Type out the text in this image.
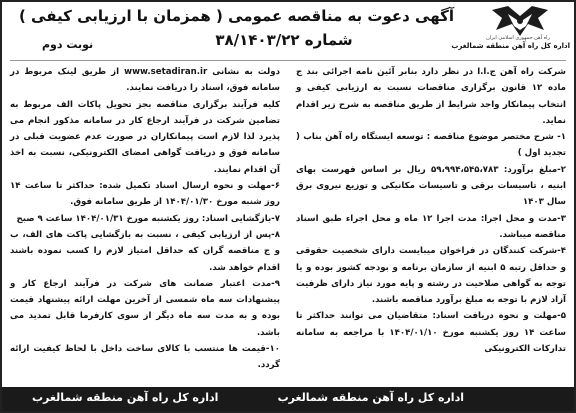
راه آهن جمهوری اسلامی ایران
اداره کل راه آهن منطقه شمالغرب
آگهی دعوت به مناقصه عمومی ( همزمان با ارزیابی کیفی )
شماره ۳۸/۱۴۰۳/۲۲
نوبت دوم

شرکت راه آهن ج.ا.ا در نظر دارد بنابر آئین نامه اجرائی بند ج ماده ۱۲ قانون برگزاری مناقصات نسبت به ارزیابی کیفی و انتخاب پیمانکار واجد شرایط از طریق مناقصه به شرح زیر اقدام نماید.

۱- شرح مختصر موضوع مناقصه : توسعه ایستگاه راه آهن بناب ( تجدید اول )

۲-مبلغ برآورد: ۵۹،۹۹۴،۵۴۵،۷۸۳ ریال بر اساس فهرست بهای ابنیه ، تاسیسات برقی و تاسیسات مکانیکی و توزیع نیروی برق سال ۱۴۰۳

۳-مدت و محل اجرا: مدت اجرا ۱۲ ماه و محل اجراء طبق اسناد مناقصه میباشد.

۴-شرکت کنندگان در فراخوان میبایست دارای شخصیت حقوقی و حداقل رتبه ۵ ابنیه از سازمان برنامه و بودجه کشور بوده و یا توجه به گواهی صلاحیت در رشته و پایه مورد نیاز دارای ظرفیت آزاد لازم با توجه به مبلغ برآورد مناقصه باشند.

۵-مهلت و نحوه دریافت اسناد: متقاضیان می توانند حداکثر تا ساعت ۱۴ روز یکشنبه مورخ ۱۴۰۴/۰۱/۱۰ با مراجعه به سامانه تدارکات الکترونیکی

دولت به نشانی www.setadiran.ir از طریق لینک مربوط در سامانه فوق، اسناد را دریافت نمایند.

کلیه فرآیند برگزاری مناقصه بجز تحویل پاکات الف مربوط به تضامین شرکت در فرآیند ارجاع کار در سامانه مذکور انجام می پذیرد لذا لازم است پیمانکاران در صورت عدم عضویت قبلی در سامانه فوق و دریافت گواهی امضای الکترونیکی، نسبت به اخذ آن اقدام نمایند.

۶-مهلت و نحوه ارسال اسناد تکمیل شده: حداکثر تا ساعت ۱۴ روز شنبه مورخ ۱۴۰۴/۰۱/۳۰ از طریق سامانه فوق.

۷-بازگشایی اسناد: روز یکشنبه مورخ ۱۴۰۴/۰۱/۳۱ ساعت ۹ صبح

۸-پس از ارزیابی کیفی ، نسبت به بازگشایی پاکت های الف، ب و ج مناقصه گران که حداقل امتیاز لازم را کسب نموده باشند اقدام خواهد شد.

۹-مدت اعتبار ضمانت های شرکت در فرآیند ارجاع کار و پیشنهادات سه ماه شمسی از آخرین مهلت ارائه پیشنهاد قیمت بوده و به مدت سه ماه دیگر از سوی کارفرما قابل تمدید می باشد.

۱۰-قیمت ها منتسب با کالای ساخت داخل با لحاظ کیفیت ارائه گردد.

اداره کل راه آهن منطقه شمالغرب
اداره کل راه آهن منطقه شمالغرب
